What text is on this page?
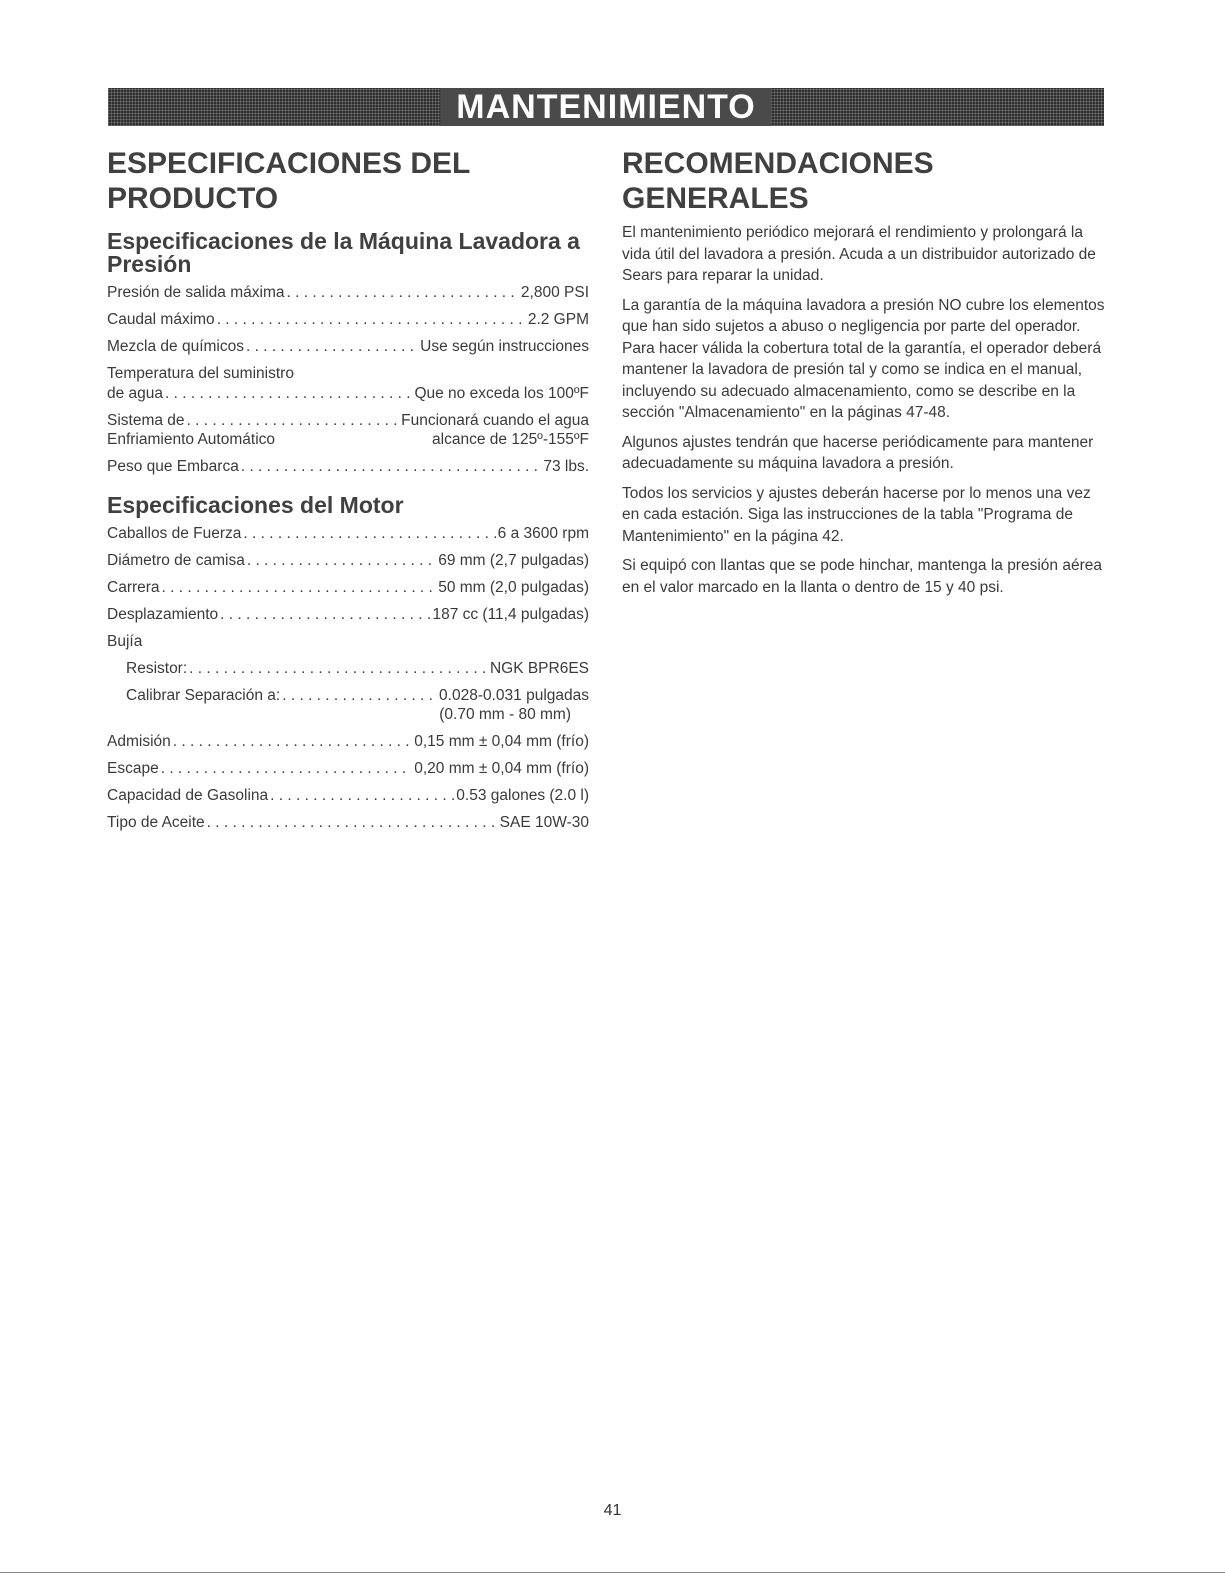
MANTENIMIENTO
ESPECIFICACIONES DEL PRODUCTO
Especificaciones de la Máquina Lavadora a Presión
Presión de salida máxima . . .	2,800 PSI
Caudal máximo . . .	2.2 GPM
Mezcla de químicos . . .	Use según instrucciones
Temperatura del suministro
de agua . . .	Que no exceda los 100ºF
Sistema de . . .	Funcionará cuando el agua
Enfriamiento Automático	alcance de 125º-155ºF
Peso que Embarca . . .	73 lbs.
Especificaciones del Motor
Caballos de Fuerza . . .	6 a 3600 rpm
Diámetro de camisa . . .	69 mm (2,7 pulgadas)
Carrera . . .	50 mm (2,0 pulgadas)
Desplazamiento . . .	187 cc (11,4 pulgadas)
Bujía
Resistor: . . .	NGK BPR6ES
Calibrar Separación a: . . .	0.028-0.031 pulgadas
(0.70 mm - 80 mm)
Admisión . . .	0,15 mm ± 0,04 mm (frío)
Escape . . .	0,20 mm ± 0,04 mm (frío)
Capacidad de Gasolina . . .	0.53 galones (2.0 l)
Tipo de Aceite . . .	SAE 10W-30
RECOMENDACIONES GENERALES

El mantenimiento periódico mejorará el rendimiento y prolongará la vida útil del lavadora a presión. Acuda a un distribuidor autorizado de Sears para reparar la unidad.

La garantía de la máquina lavadora a presión NO cubre los elementos que han sido sujetos a abuso o negligencia por parte del operador. Para hacer válida la cobertura total de la garantía, el operador deberá mantener la lavadora de presión tal y como se indica en el manual, incluyendo su adecuado almacenamiento, como se describe en la sección "Almacenamiento" en la páginas 47-48.

Algunos ajustes tendrán que hacerse periódicamente para mantener adecuadamente su máquina lavadora a presión.

Todos los servicios y ajustes deberán hacerse por lo menos una vez en cada estación. Siga las instrucciones de la tabla "Programa de Mantenimiento" en la página 42.

Si equipó con llantas que se pode hinchar, mantenga la presión aérea en el valor marcado en la llanta o dentro de 15 y 40 psi.

41
